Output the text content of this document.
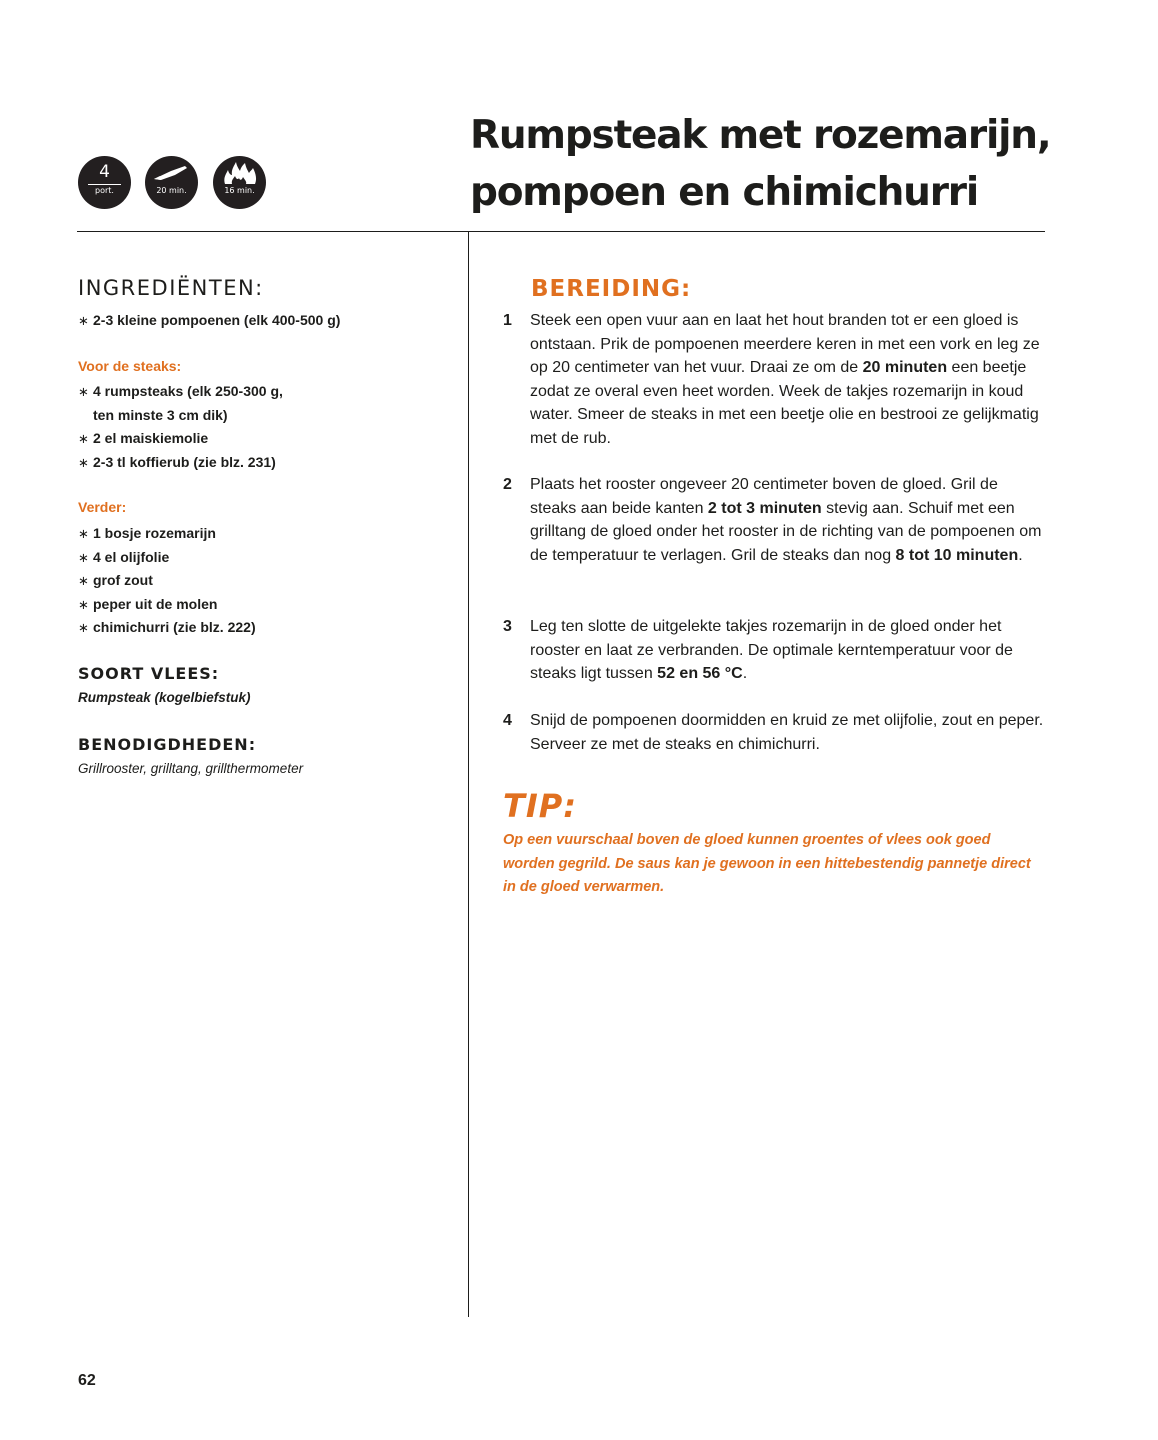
4
port.	20 min.	16 min.
Rumpsteak met rozemarijn,
pompoen en chimichurri
INGREDIËNTEN:
∗ 2-3 kleine pompoenen (elk 400-500 g)
Voor de steaks:
∗ 4 rumpsteaks (elk 250-300 g,
ten minste 3 cm dik)
∗ 2 el maiskiemolie
∗ 2-3 tl koffierub (zie blz. 231)
Verder:
∗ 1 bosje rozemarijn
∗ 4 el olijfolie
∗ grof zout
∗ peper uit de molen
∗ chimichurri (zie blz. 222)
SOORT VLEES:
Rumpsteak (kogelbiefstuk)
BENODIGDHEDEN:
Grillrooster, grilltang, grillthermometer
BEREIDING:
1 Steek een open vuur aan en laat het hout branden tot er een gloed is ontstaan. Prik de pompoenen meerdere keren in met een vork en leg ze op 20 centimeter van het vuur. Draai ze om de 20 minuten een beetje zodat ze overal even heet worden. Week de takjes rozemarijn in koud water. Smeer de steaks in met een beetje olie en bestrooi ze gelijkmatig met de rub.
2 Plaats het rooster ongeveer 20 centimeter boven de gloed. Gril de steaks aan beide kanten 2 tot 3 minuten stevig aan. Schuif met een grilltang de gloed onder het rooster in de richting van de pompoenen om de temperatuur te verlagen. Gril de steaks dan nog 8 tot 10 minuten.
3 Leg ten slotte de uitgelekte takjes rozemarijn in de gloed onder het rooster en laat ze verbranden. De optimale kerntemperatuur voor de steaks ligt tussen 52 en 56 °C.
4 Snijd de pompoenen doormidden en kruid ze met olijfolie, zout en peper. Serveer ze met de steaks en chimichurri.
TIP:
Op een vuurschaal boven de gloed kunnen groentes of vlees ook goed worden gegrild. De saus kan je gewoon in een hittebestendig pannetje direct in de gloed verwarmen.
62
